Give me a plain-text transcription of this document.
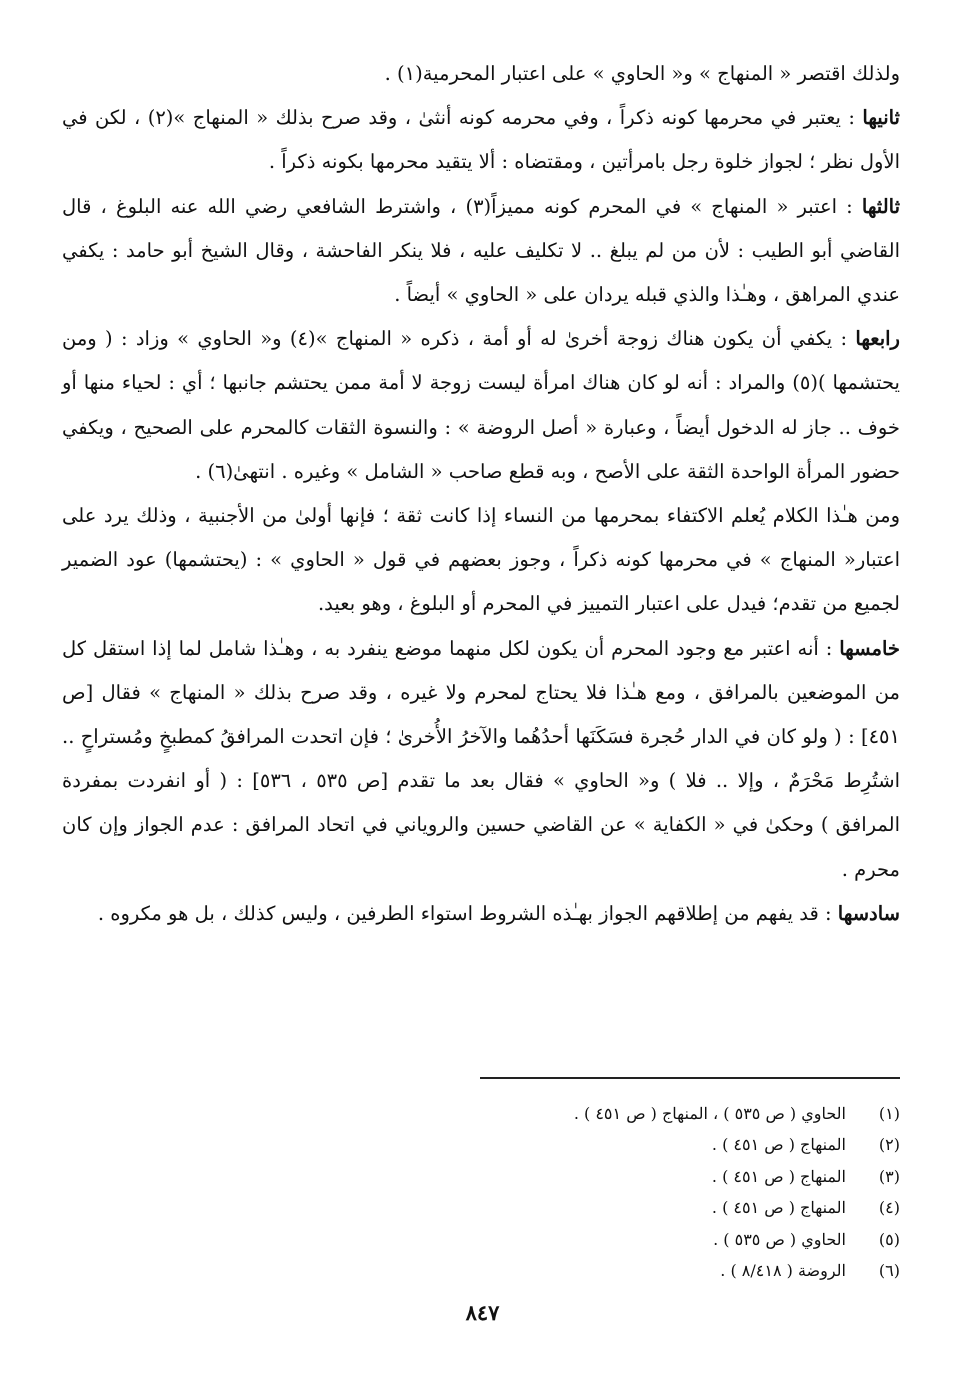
ولذلك اقتصر « المنهاج » و« الحاوي » على اعتبار المحرمية(١) .

ثانيها : يعتبر في محرمها كونه ذكراً ، وفي محرمه كونه أنثىٰ ، وقد صرح بذلك « المنهاج »(٢) ، لكن في الأول نظر ؛ لجواز خلوة رجل بامرأتين ، ومقتضاه : ألا يتقيد محرمها بكونه ذكراً .

ثالثها : اعتبر « المنهاج » في المحرم كونه مميزاً(٣) ، واشترط الشافعي رضي الله عنه البلوغ ، قال القاضي أبو الطيب : لأن من لم يبلغ .. لا تكليف عليه ، فلا ينكر الفاحشة ، وقال الشيخ أبو حامد : يكفي عندي المراهق ، وهـٰذا والذي قبله يردان على « الحاوي » أيضاً .

رابعها : يكفي أن يكون هناك زوجة أخرىٰ له أو أمة ، ذكره « المنهاج »(٤) و« الحاوي » وزاد : ( ومن يحتشمها )(٥) والمراد : أنه لو كان هناك امرأة ليست زوجة لا أمة ممن يحتشم جانبها ؛ أي : لحياء منها أو خوف .. جاز له الدخول أيضاً ، وعبارة « أصل الروضة » : والنسوة الثقات كالمحرم على الصحيح ، ويكفي حضور المرأة الواحدة الثقة على الأصح ، وبه قطع صاحب « الشامل » وغيره . انتهىٰ(٦) .

ومن هـٰذا الكلام يُعلم الاكتفاء بمحرمها من النساء إذا كانت ثقة ؛ فإنها أولىٰ من الأجنبية ، وذلك يرد على اعتبار« المنهاج » في محرمها كونه ذكراً ، وجوز بعضهم في قول « الحاوي » : (يحتشمها) عود الضمير لجميع من تقدم؛ فيدل على اعتبار التمييز في المحرم أو البلوغ ، وهو بعيد.

خامسها : أنه اعتبر مع وجود المحرم أن يكون لكل منهما موضع ينفرد به ، وهـٰذا شامل لما إذا استقل كل من الموضعين بالمرافق ، ومع هـٰذا فلا يحتاج لمحرم ولا غيره ، وقد صرح بذلك « المنهاج » فقال [ص ٤٥١] : ( ولو كان في الدار حُجرة فسَكَنَها أحدُهُما والآخرُ الأُخرىٰ ؛ فإن اتحدت المرافقُ كمطبخٍ ومُستراحٍ .. اشتُرِط مَحْرَمٌ ، وإلا .. فلا ) و« الحاوي » فقال بعد ما تقدم [ص ٥٣٥ ، ٥٣٦] : ( أو انفردت بمفردة المرافق ) وحكىٰ في « الكفاية » عن القاضي حسين والروياني في اتحاد المرافق : عدم الجواز وإن كان محرم .

سادسها : قد يفهم من إطلاقهم الجواز بهـٰذه الشروط استواء الطرفين ، وليس كذلك ، بل هو مكروه .

(١)
الحاوي ( ص ٥٣٥ ) ، المنهاج ( ص ٤٥١ ) .
(٢)
المنهاج ( ص ٤٥١ ) .
(٣)
المنهاج ( ص ٤٥١ ) .
(٤)
المنهاج ( ص ٤٥١ ) .
(٥)
الحاوي ( ص ٥٣٥ ) .
(٦)
الروضة ( ٨/٤١٨ ) .
٨٤٧
